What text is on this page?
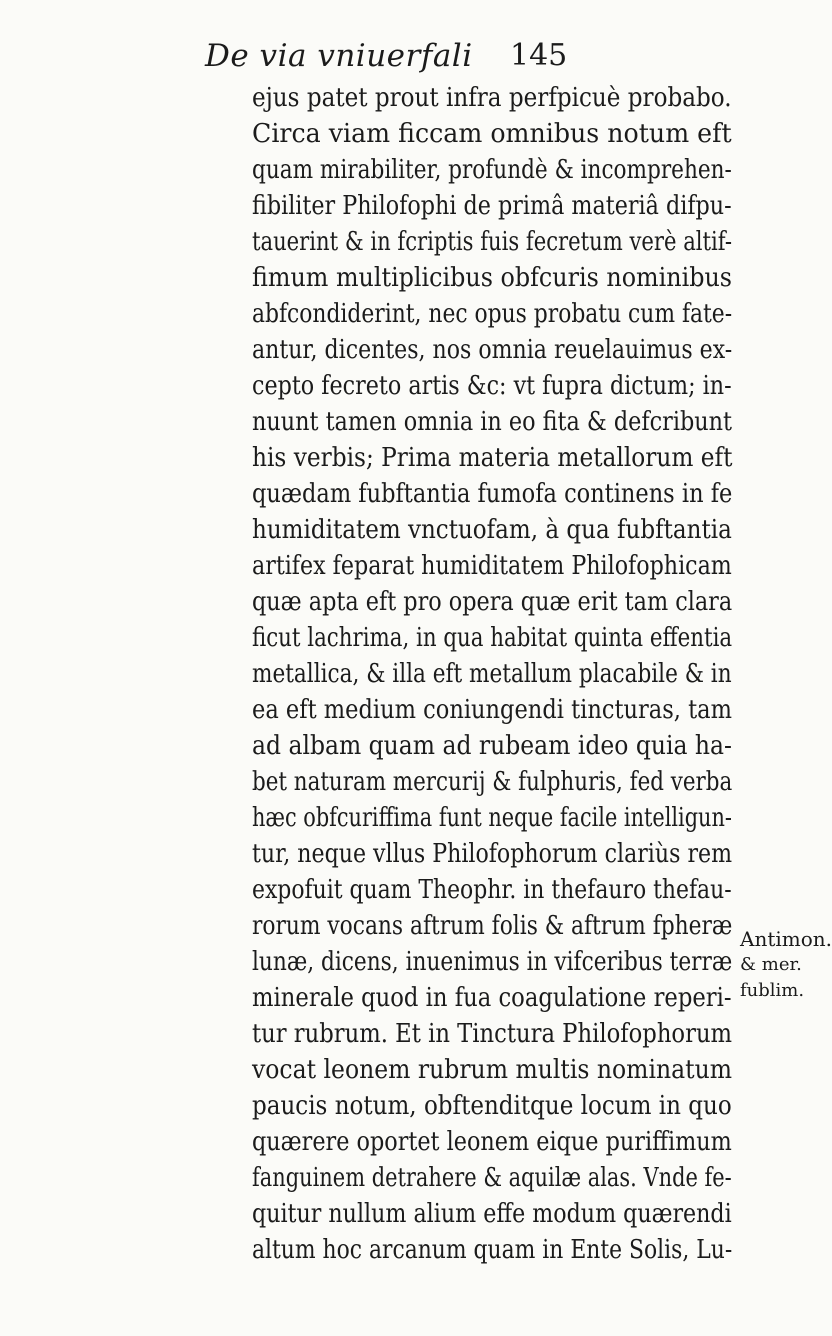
De via vniuerfali 145
ejus patet prout infra perfpicuè probabo.
Circa viam ficcam omnibus notum eft
quam mirabiliter, profundè & incomprehen-
fibiliter Philofophi de primâ materiâ difpu-
tauerint & in fcriptis fuis fecretum verè altif-
fimum multiplicibus obfcuris nominibus
abfcondiderint, nec opus probatu cum fate-
antur, dicentes, nos omnia reuelauimus ex-
cepto fecreto artis &c: vt fupra dictum; in-
nuunt tamen omnia in eo fita & defcribunt
his verbis; Prima materia metallorum eft
quædam fubftantia fumofa continens in fe
humiditatem vnctuofam, à qua fubftantia
artifex feparat humiditatem Philofophicam
quæ apta eft pro opera quæ erit tam clara
ficut lachrima, in qua habitat quinta effentia
metallica, & illa eft metallum placabile & in
ea eft medium coniungendi tincturas, tam
ad albam quam ad rubeam ideo quia ha-
bet naturam mercurij & fulphuris, fed verba
hæc obfcuriffima funt neque facile intelligun-
tur, neque vllus Philofophorum clariùs rem
expofuit quam Theophr. in thefauro thefau-
rorum vocans aftrum folis & aftrum fpheræ
lunæ, dicens, inuenimus in vifceribus terræ
minerale quod in fua coagulatione reperi-
tur rubrum. Et in Tinctura Philofophorum
vocat leonem rubrum multis nominatum
paucis notum, obftenditque locum in quo
quærere oportet leonem eique puriffimum
fanguinem detrahere & aquilæ alas. Vnde fe-
quitur nullum alium effe modum quærendi
altum hoc arcanum quam in Ente Solis, Lu-
Antimon.
& mer.
fublim.
